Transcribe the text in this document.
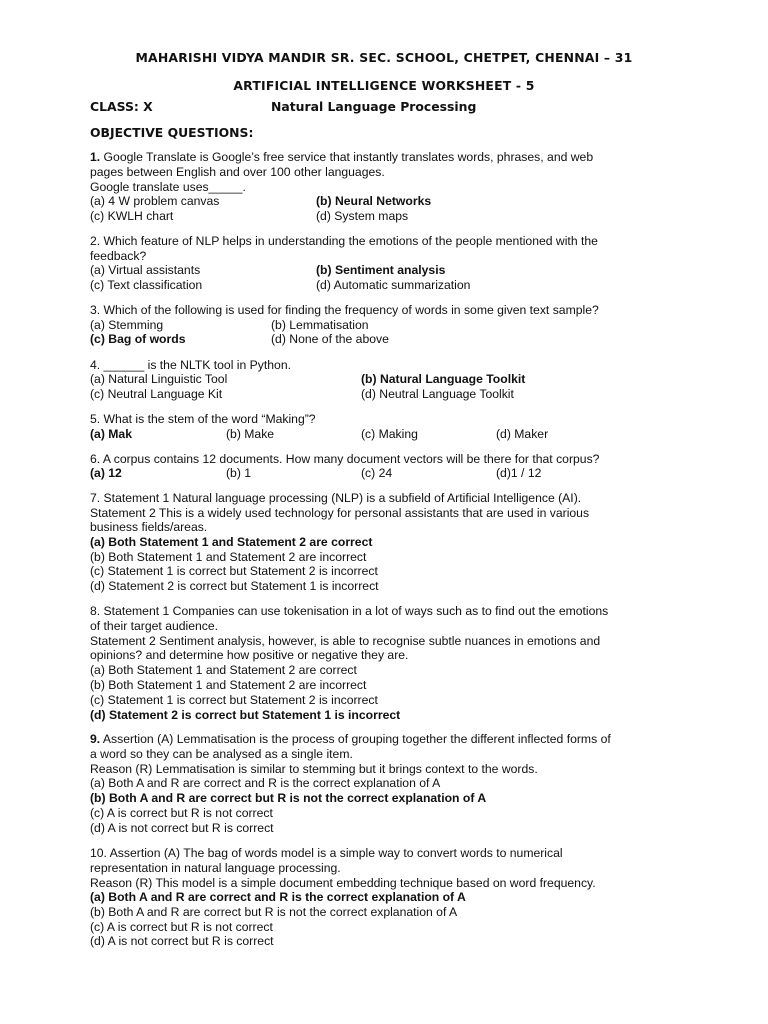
MAHARISHI VIDYA MANDIR SR. SEC. SCHOOL, CHETPET, CHENNAI – 31
ARTIFICIAL INTELLIGENCE WORKSHEET - 5
CLASS: X	Natural Language Processing
OBJECTIVE QUESTIONS:
1. Google Translate is Google’s free service that instantly translates words, phrases, and web
pages between English and over 100 other languages.
Google translate uses_____.
(a) 4 W problem canvas	(b) Neural Networks
(c) KWLH chart	(d) System maps
2. Which feature of NLP helps in understanding the emotions of the people mentioned with the
feedback?
(a) Virtual assistants	(b) Sentiment analysis
(c) Text classification	(d) Automatic summarization
3. Which of the following is used for finding the frequency of words in some given text sample?
(a) Stemming	(b) Lemmatisation
(c) Bag of words	(d) None of the above
4. ______ is the NLTK tool in Python.
(a) Natural Linguistic Tool	(b) Natural Language Toolkit
(c) Neutral Language Kit	(d) Neutral Language Toolkit
5. What is the stem of the word “Making”?
(a) Mak	(b) Make	(c) Making	(d) Maker
6. A corpus contains 12 documents. How many document vectors will be there for that corpus?
(a) 12	(b) 1	(c) 24	(d)1 / 12
7. Statement 1 Natural language processing (NLP) is a subfield of Artificial Intelligence (AI).
Statement 2 This is a widely used technology for personal assistants that are used in various
business fields/areas.
(a) Both Statement 1 and Statement 2 are correct
(b) Both Statement 1 and Statement 2 are incorrect
(c) Statement 1 is correct but Statement 2 is incorrect
(d) Statement 2 is correct but Statement 1 is incorrect
8. Statement 1 Companies can use tokenisation in a lot of ways such as to find out the emotions
of their target audience.
Statement 2 Sentiment analysis, however, is able to recognise subtle nuances in emotions and
opinions? and determine how positive or negative they are.
(a) Both Statement 1 and Statement 2 are correct
(b) Both Statement 1 and Statement 2 are incorrect
(c) Statement 1 is correct but Statement 2 is incorrect
(d) Statement 2 is correct but Statement 1 is incorrect
9. Assertion (A) Lemmatisation is the process of grouping together the different inflected forms of
a word so they can be analysed as a single item.
Reason (R) Lemmatisation is similar to stemming but it brings context to the words.
(a) Both A and R are correct and R is the correct explanation of A
(b) Both A and R are correct but R is not the correct explanation of A
(c) A is correct but R is not correct
(d) A is not correct but R is correct
10. Assertion (A) The bag of words model is a simple way to convert words to numerical
representation in natural language processing.
Reason (R) This model is a simple document embedding technique based on word frequency.
(a) Both A and R are correct and R is the correct explanation of A
(b) Both A and R are correct but R is not the correct explanation of A
(c) A is correct but R is not correct
(d) A is not correct but R is correct
